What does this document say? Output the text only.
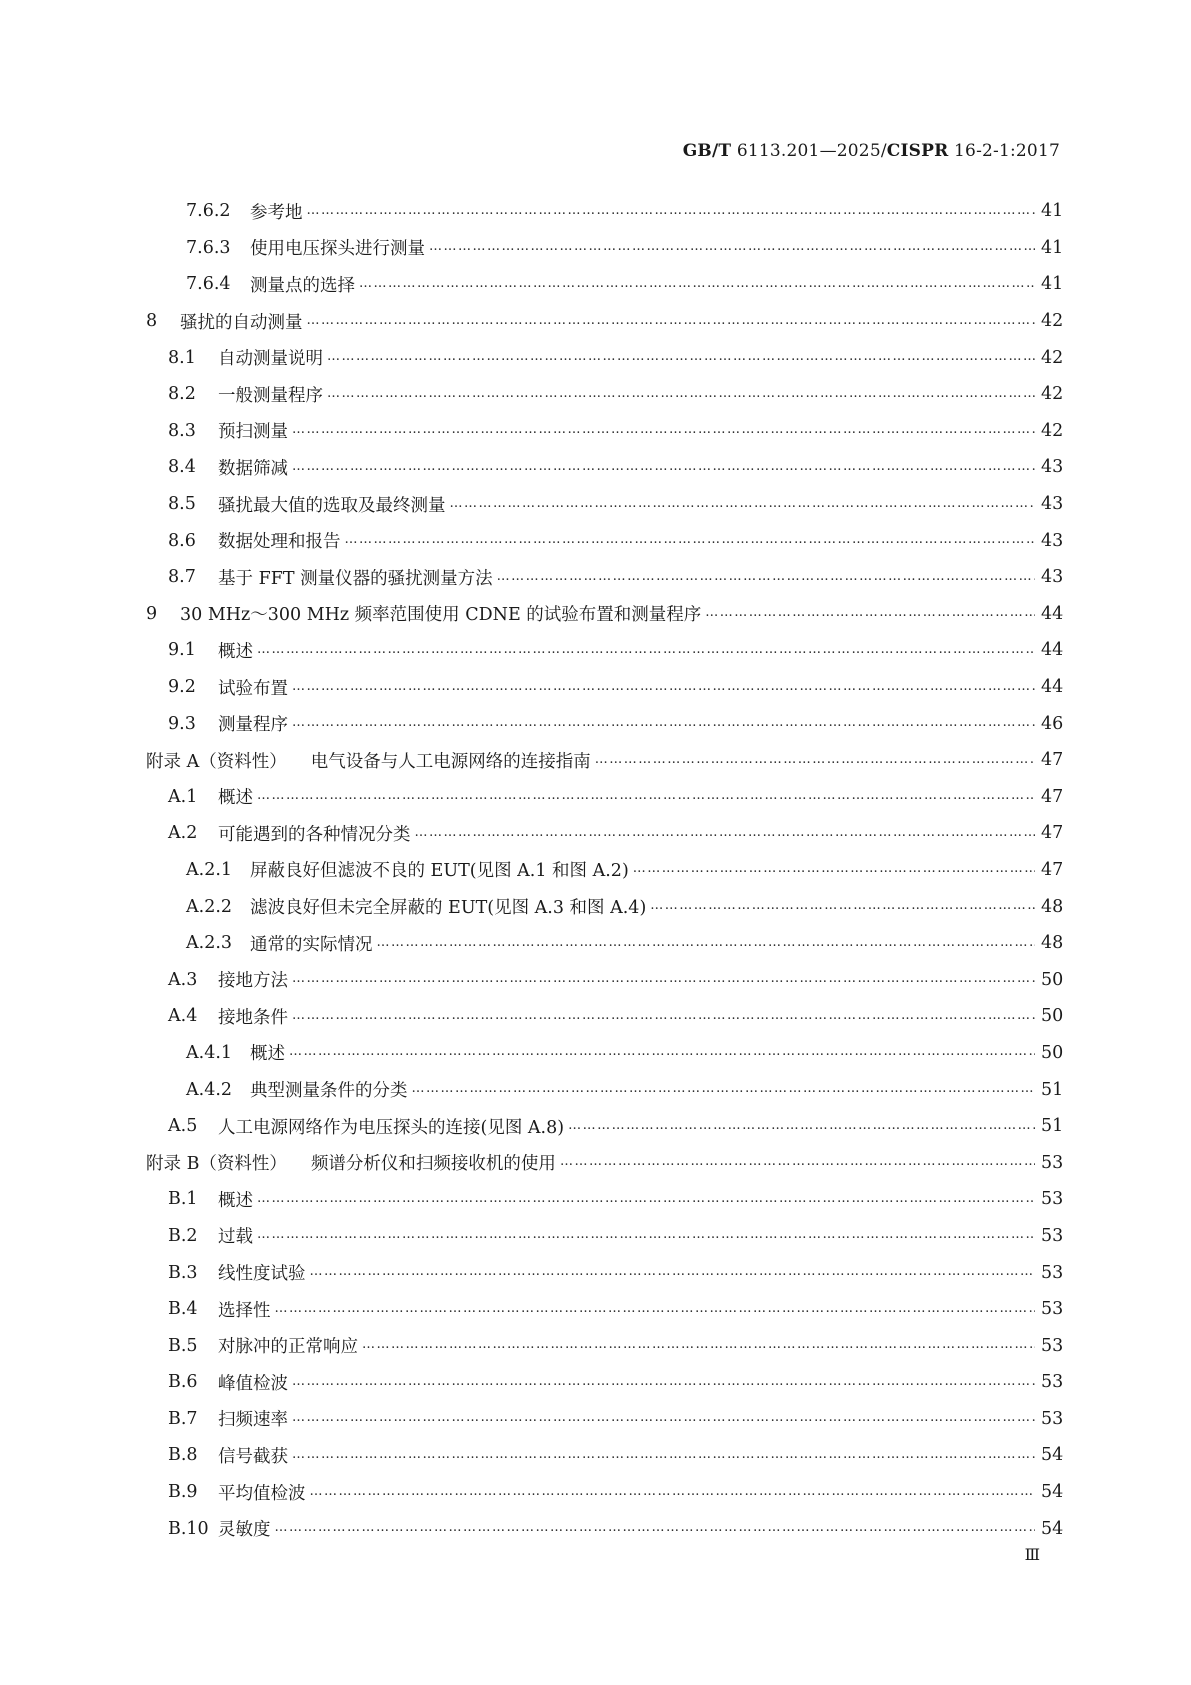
GB/T 6113.201—2025/CISPR 16-2-1:2017
7.6.2	参考地 ………………………………………………………………………………………………………………………………………………………………………………………………………………………………………………………………………………	41
7.6.3	使用电压探头进行测量 ………………………………………………………………………………………………………………………………………………………………………………………………………………………………………………………………………………	41
7.6.4	测量点的选择 ………………………………………………………………………………………………………………………………………………………………………………………………………………………………………………………………………………	41
8	骚扰的自动测量 ………………………………………………………………………………………………………………………………………………………………………………………………………………………………………………………………………………	42
8.1	自动测量说明 ………………………………………………………………………………………………………………………………………………………………………………………………………………………………………………………………………………	42
8.2	一般测量程序 ………………………………………………………………………………………………………………………………………………………………………………………………………………………………………………………………………………	42
8.3	预扫测量 ………………………………………………………………………………………………………………………………………………………………………………………………………………………………………………………………………………	42
8.4	数据筛减 ………………………………………………………………………………………………………………………………………………………………………………………………………………………………………………………………………………	43
8.5	骚扰最大值的选取及最终测量 ………………………………………………………………………………………………………………………………………………………………………………………………………………………………………………………………………………	43
8.6	数据处理和报告 ………………………………………………………………………………………………………………………………………………………………………………………………………………………………………………………………………………	43
8.7	基于 FFT 测量仪器的骚扰测量方法 ………………………………………………………………………………………………………………………………………………………………………………………………………………………………………………………………………………	43
9	30 MHz～300 MHz 频率范围使用 CDNE 的试验布置和测量程序 ………………………………………………………………………………………………………………………………………………………………………………………………………………………………………………………………………………	44
9.1	概述 ………………………………………………………………………………………………………………………………………………………………………………………………………………………………………………………………………………	44
9.2	试验布置 ………………………………………………………………………………………………………………………………………………………………………………………………………………………………………………………………………………	44
9.3	测量程序 ………………………………………………………………………………………………………………………………………………………………………………………………………………………………………………………………………………	46
附录 A（资料性） 电气设备与人工电源网络的连接指南 ………………………………………………………………………………………………………………………………………………………………………………………………………………………………………………………………………………	47
A.1	概述 ………………………………………………………………………………………………………………………………………………………………………………………………………………………………………………………………………………	47
A.2	可能遇到的各种情况分类 ………………………………………………………………………………………………………………………………………………………………………………………………………………………………………………………………………………	47
A.2.1	屏蔽良好但滤波不良的 EUT(见图 A.1 和图 A.2) ………………………………………………………………………………………………………………………………………………………………………………………………………………………………………………………………………………	47
A.2.2	滤波良好但未完全屏蔽的 EUT(见图 A.3 和图 A.4) ………………………………………………………………………………………………………………………………………………………………………………………………………………………………………………………………………………	48
A.2.3	通常的实际情况 ………………………………………………………………………………………………………………………………………………………………………………………………………………………………………………………………………………	48
A.3	接地方法 ………………………………………………………………………………………………………………………………………………………………………………………………………………………………………………………………………………	50
A.4	接地条件 ………………………………………………………………………………………………………………………………………………………………………………………………………………………………………………………………………………	50
A.4.1	概述 ………………………………………………………………………………………………………………………………………………………………………………………………………………………………………………………………………………	50
A.4.2	典型测量条件的分类 ………………………………………………………………………………………………………………………………………………………………………………………………………………………………………………………………………………	51
A.5	人工电源网络作为电压探头的连接(见图 A.8) ………………………………………………………………………………………………………………………………………………………………………………………………………………………………………………………………………………	51
附录 B（资料性） 频谱分析仪和扫频接收机的使用 ………………………………………………………………………………………………………………………………………………………………………………………………………………………………………………………………………………	53
B.1	概述 ………………………………………………………………………………………………………………………………………………………………………………………………………………………………………………………………………………	53
B.2	过载 ………………………………………………………………………………………………………………………………………………………………………………………………………………………………………………………………………………	53
B.3	线性度试验 ………………………………………………………………………………………………………………………………………………………………………………………………………………………………………………………………………………	53
B.4	选择性 ………………………………………………………………………………………………………………………………………………………………………………………………………………………………………………………………………………	53
B.5	对脉冲的正常响应 ………………………………………………………………………………………………………………………………………………………………………………………………………………………………………………………………………………	53
B.6	峰值检波 ………………………………………………………………………………………………………………………………………………………………………………………………………………………………………………………………………………	53
B.7	扫频速率 ………………………………………………………………………………………………………………………………………………………………………………………………………………………………………………………………………………	53
B.8	信号截获 ………………………………………………………………………………………………………………………………………………………………………………………………………………………………………………………………………………	54
B.9	平均值检波 ………………………………………………………………………………………………………………………………………………………………………………………………………………………………………………………………………………	54
B.10 灵敏度 ………………………………………………………………………………………………………………………………………………………………………………………………………………………………………………………………………………	54
Ⅲ
